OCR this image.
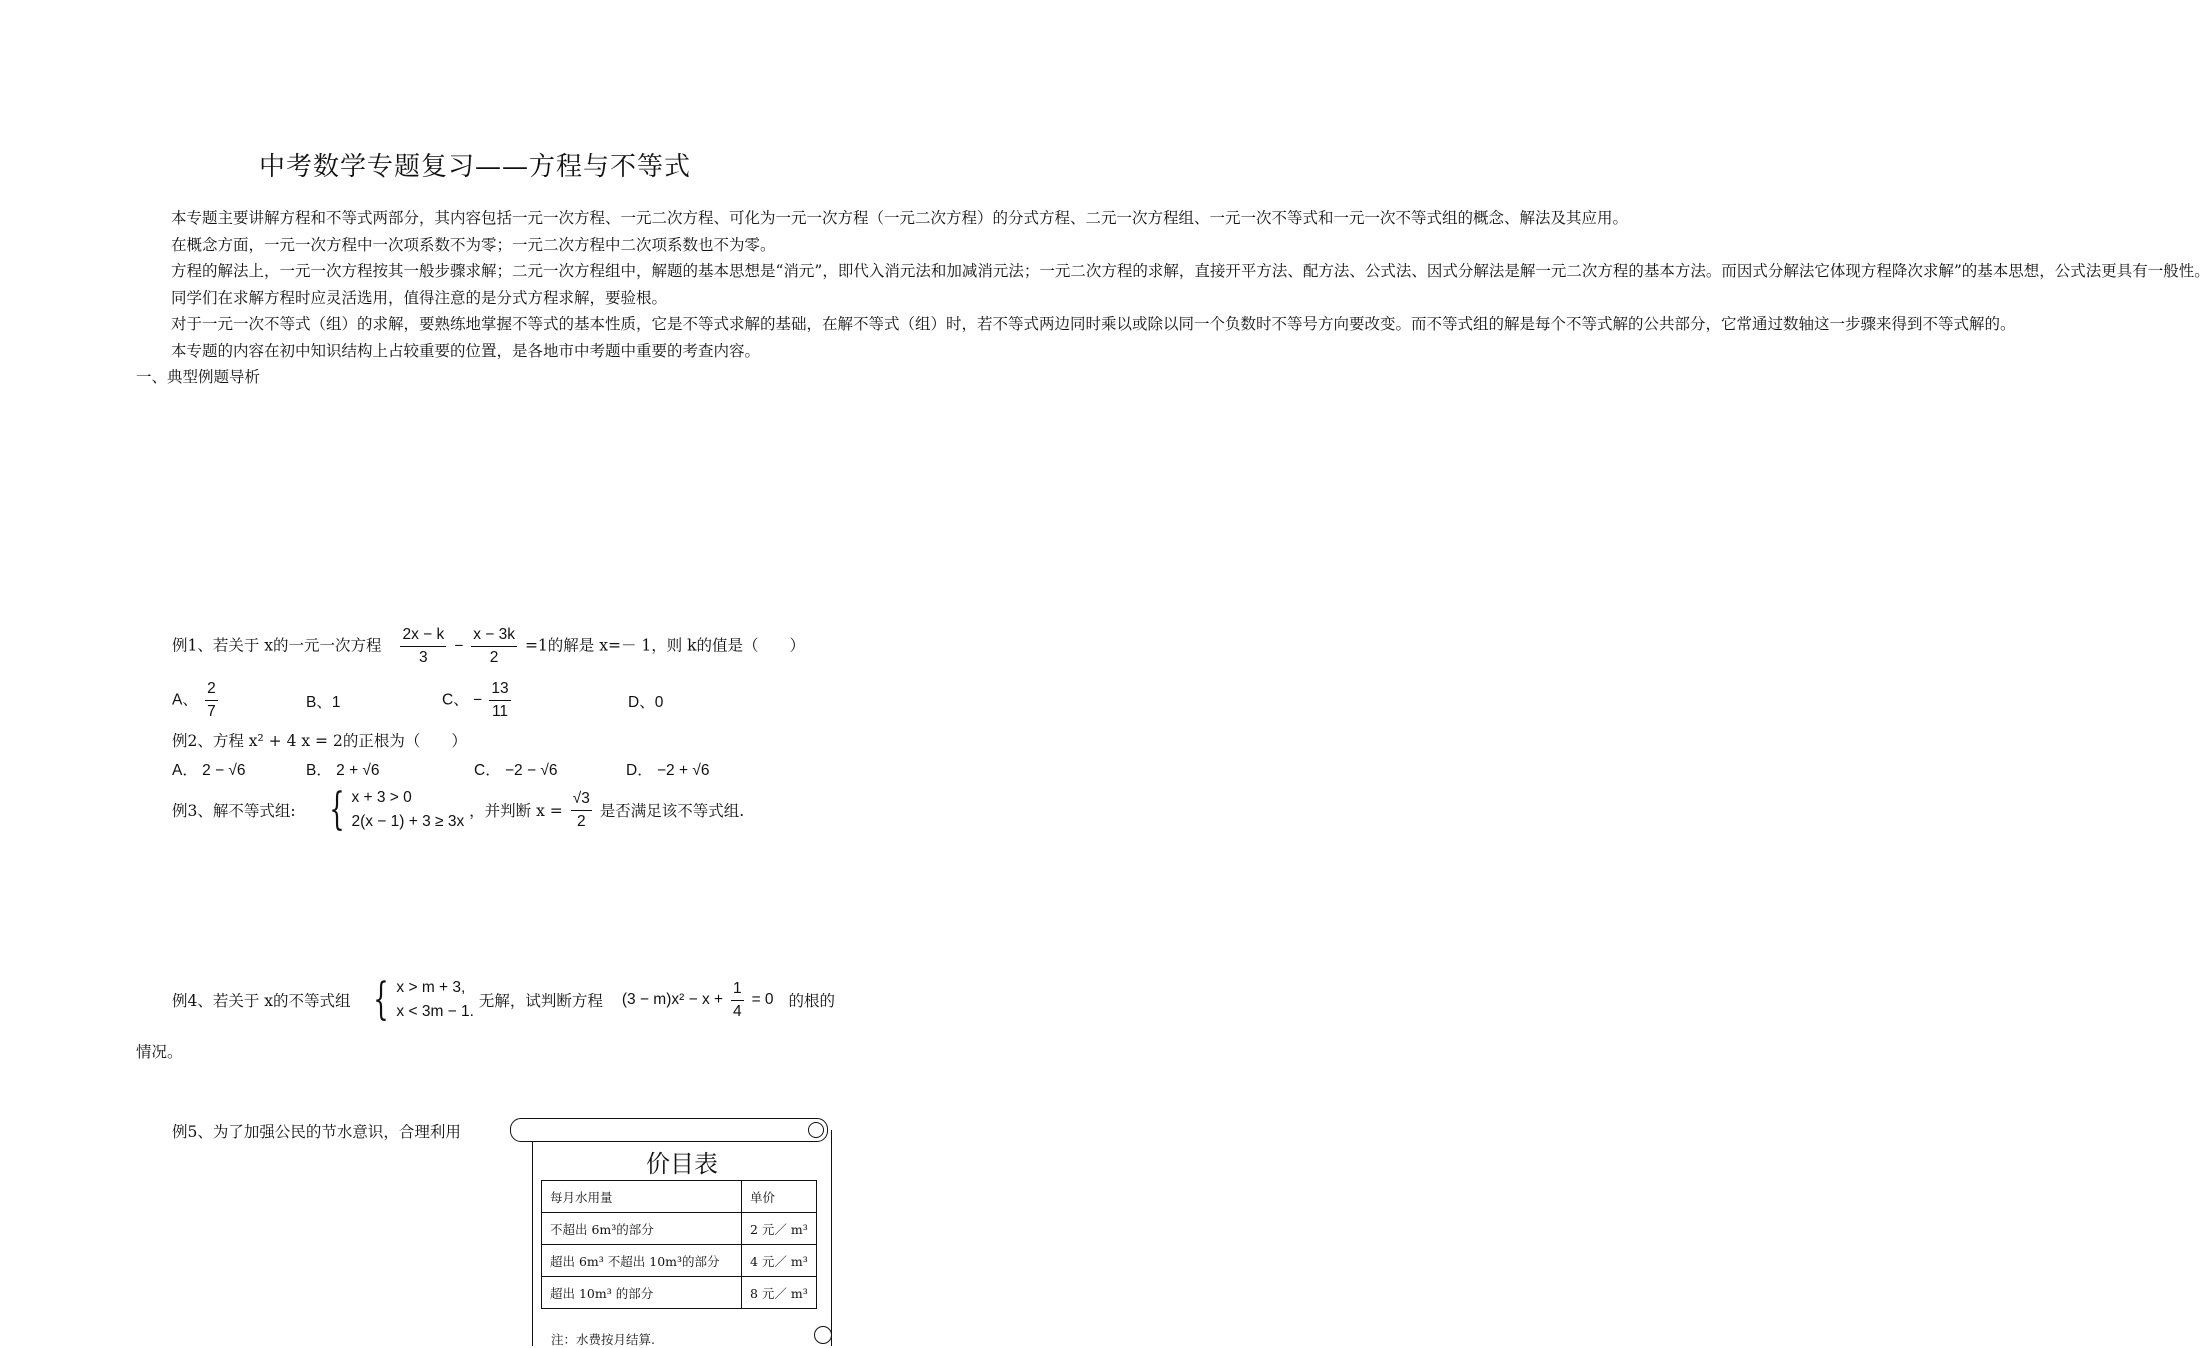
中考数学专题复习——方程与不等式

本专题主要讲解方程和不等式两部分，其内容包括一元一次方程、一元二次方程、可化为一元一次方程（一元二次方程）的分式方程、二元一次方程组、一元一次不等式和一元一次不等式组的概念、解法及其应用。

在概念方面，一元一次方程中一次项系数不为零；一元二次方程中二次项系数也不为零。

方程的解法上，一元一次方程按其一般步骤求解；二元一次方程组中，解题的基本思想是“消元”，即代入消元法和加减消元法；一元二次方程的求解，直接开平方法、配方法、公式法、因式分解法是解一元二次方程的基本方法。而因式分解法它体现方程降次求解”的基本思想，公式法更具有一般性。

同学们在求解方程时应灵活选用，值得注意的是分式方程求解，要验根。

对于一元一次不等式（组）的求解，要熟练地掌握不等式的基本性质，它是不等式求解的基础，在解不等式（组）时，若不等式两边同时乘以或除以同一个负数时不等号方向要改变。而不等式组的解是每个不等式解的公共部分，它常通过数轴这一步骤来得到不等式解的。

本专题的内容在初中知识结构上占较重要的位置，是各地市中考题中重要的考查内容。

一、典型例题导析

例1、若关于 x的一元一次方程 $\frac{2x - k}{3} - \frac{x - 3k}{2} =1$的解是 x=－ 1，则 k的值是（　　）
A、 $\frac{2}{7}$	B、1	C、 − $\frac{13}{11}$	D、0
例2、方程 x² + 4 x = 2的正根为（　　）
A． 2 − √6	B． 2 + √6	C． −2 − √6	D． −2 + √6
例3、解不等式组: { x + 3 > 0
2(x − 1) + 3 ≥ 3x
，并判断 $x = \frac{√3}{2}$ 是否满足该不等式组.
例4、若关于 x的不等式组 { x > m + 3,
x < 3m − 1.
无解，试判断方程 $(3 - m)x^2 - x + \frac{1}{4} = 0$ 的根的
情况。
例5、为了加强公民的节水意识，合理利用
价目表
每月水用量	单价
不超出 6m³的部分	2 元／ m³
超出 6m³ 不超出 10m³的部分	4 元／ m³
超出 10m³ 的部分	8 元／ m³
注：水费按月结算.
